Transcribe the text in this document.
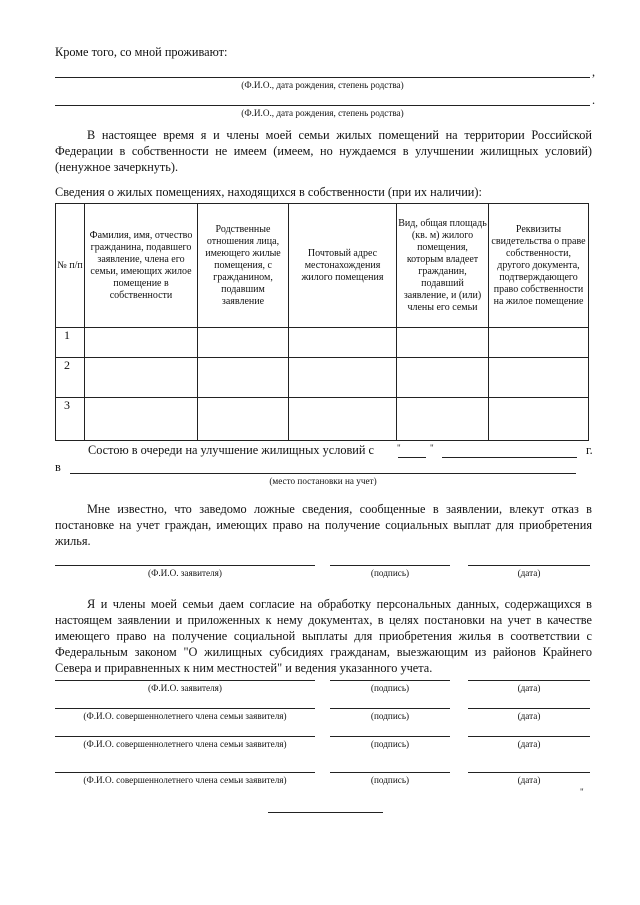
Кроме того, со мной проживают:
,
(Ф.И.О., дата рождения, степень родства)
.
(Ф.И.О., дата рождения, степень родства)
В настоящее время я и члены моей семьи жилых помещений на территории Российской Федерации в собственности не имеем (имеем, но нуждаемся в улучшении жилищных условий) (ненужное зачеркнуть).
Сведения о жилых помещениях, находящихся в собственности (при их наличии):
№ п/п	Фамилия, имя, отчество гражданина, подавшего заявление, члена его семьи, имеющих жилое помещение в собственности	Родственные отношения лица, имеющего жилые помещения, с гражданином, подавшим заявление	Почтовый адрес местонахождения жилого помещения	Вид, общая площадь (кв. м) жилого помещения, которым владеет гражданин, подавший заявление, и (или) члены его семьи	Реквизиты свидетельства о праве собственности, другого документа, подтверждающего право собственности на жилое помещение
1					
2					
3					
Состою в очереди на улучшение жилищных условий с	"	"	г.
в
(место постановки на учет)
Мне известно, что заведомо ложные сведения, сообщенные в заявлении, влекут отказ в постановке на учет граждан, имеющих право на получение социальных выплат для приобретения жилья.
(Ф.И.О. заявителя)	(подпись)	(дата)
Я и члены моей семьи даем согласие на обработку персональных данных, содержащихся в настоящем заявлении и приложенных к нему документах, в целях постановки на учет в качестве имеющего право на получение социальной выплаты для приобретения жилья в соответствии с Федеральным законом "О жилищных субсидиях гражданам, выезжающим из районов Крайнего Севера и приравненных к ним местностей" и ведения указанного учета.
(Ф.И.О. заявителя)	(подпись)	(дата)
(Ф.И.О. совершеннолетнего члена семьи заявителя)	(подпись)	(дата)
(Ф.И.О. совершеннолетнего члена семьи заявителя)	(подпись)	(дата)
(Ф.И.О. совершеннолетнего члена семьи заявителя)	(подпись)	(дата)
"
